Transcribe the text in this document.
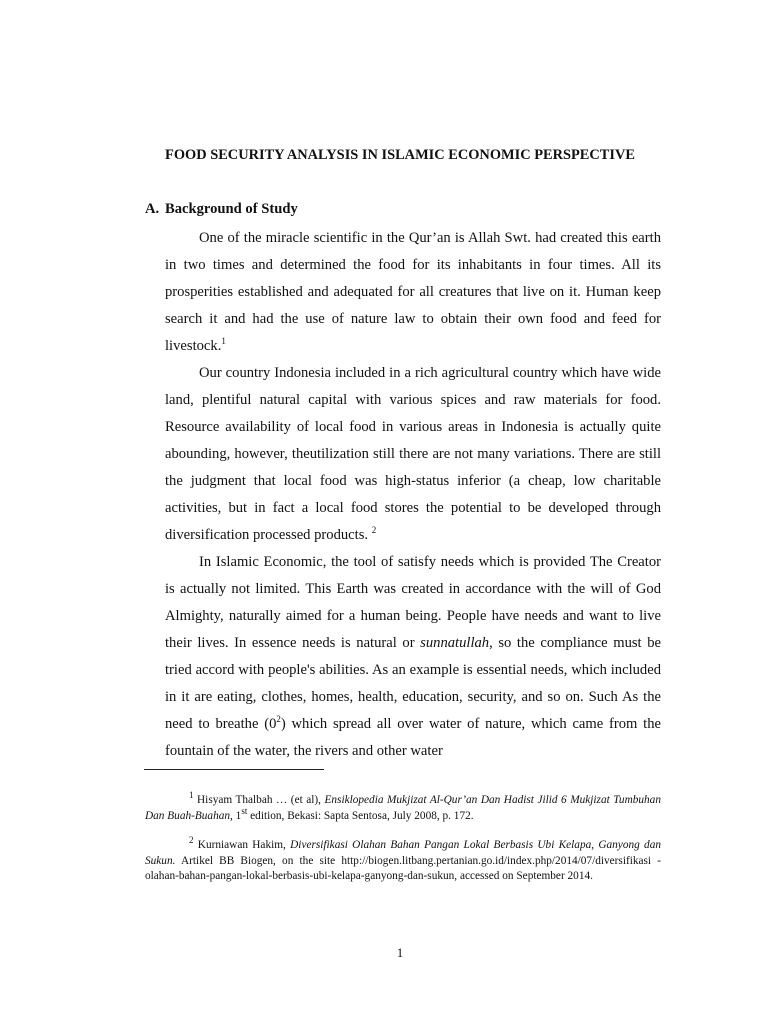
FOOD SECURITY ANALYSIS IN ISLAMIC ECONOMIC PERSPECTIVE
A. Background of Study

One of the miracle scientific in the Qur’an is Allah Swt. had created this earth in two times and determined the food for its inhabitants in four times. All its prosperities established and adequated for all creatures that live on it. Human keep search it and had the use of nature law to obtain their own food and feed for livestock.$^1$

Our country Indonesia included in a rich agricultural country which have wide land, plentiful natural capital with various spices and raw materials for food. Resource availability of local food in various areas in Indonesia is actually quite abounding, however, theutilization still there are not many variations. There are still the judgment that local food was high-status inferior (a cheap, low charitable activities, but in fact a local food stores the potential to be developed through diversification processed products. $^2$

In Islamic Economic, the tool of satisfy needs which is provided The Creator is actually not limited. This Earth was created in accordance with the will of God Almighty, naturally aimed for a human being. People have needs and want to live their lives. In essence needs is natural or sunnatullah, so the compliance must be tried accord with people's abilities. As an example is essential needs, which included in it are eating, clothes, homes, health, education, security, and so on. Such As the need to breathe $(0^2)$ which spread all over water of nature, which came from the fountain of the water, the rivers and other water

$^1$ Hisyam Thalbah … (et al), Ensiklopedia Mukjizat Al-Qur’an Dan Hadist Jilid 6 Mukjizat Tumbuhan Dan Buah-Buahan, 1st edition, Bekasi: Sapta Sentosa, July 2008, p. 172.
$^2$ Kurniawan Hakim, Diversifikasi Olahan Bahan Pangan Lokal Berbasis Ubi Kelapa, Ganyong dan Sukun. Artikel BB Biogen, on the site http://biogen.litbang.pertanian.go.id/index.php/2014/07/diversifikasi -olahan-bahan-pangan-lokal-berbasis-ubi-kelapa-ganyong-dan-sukun, accessed on September 2014.
1
